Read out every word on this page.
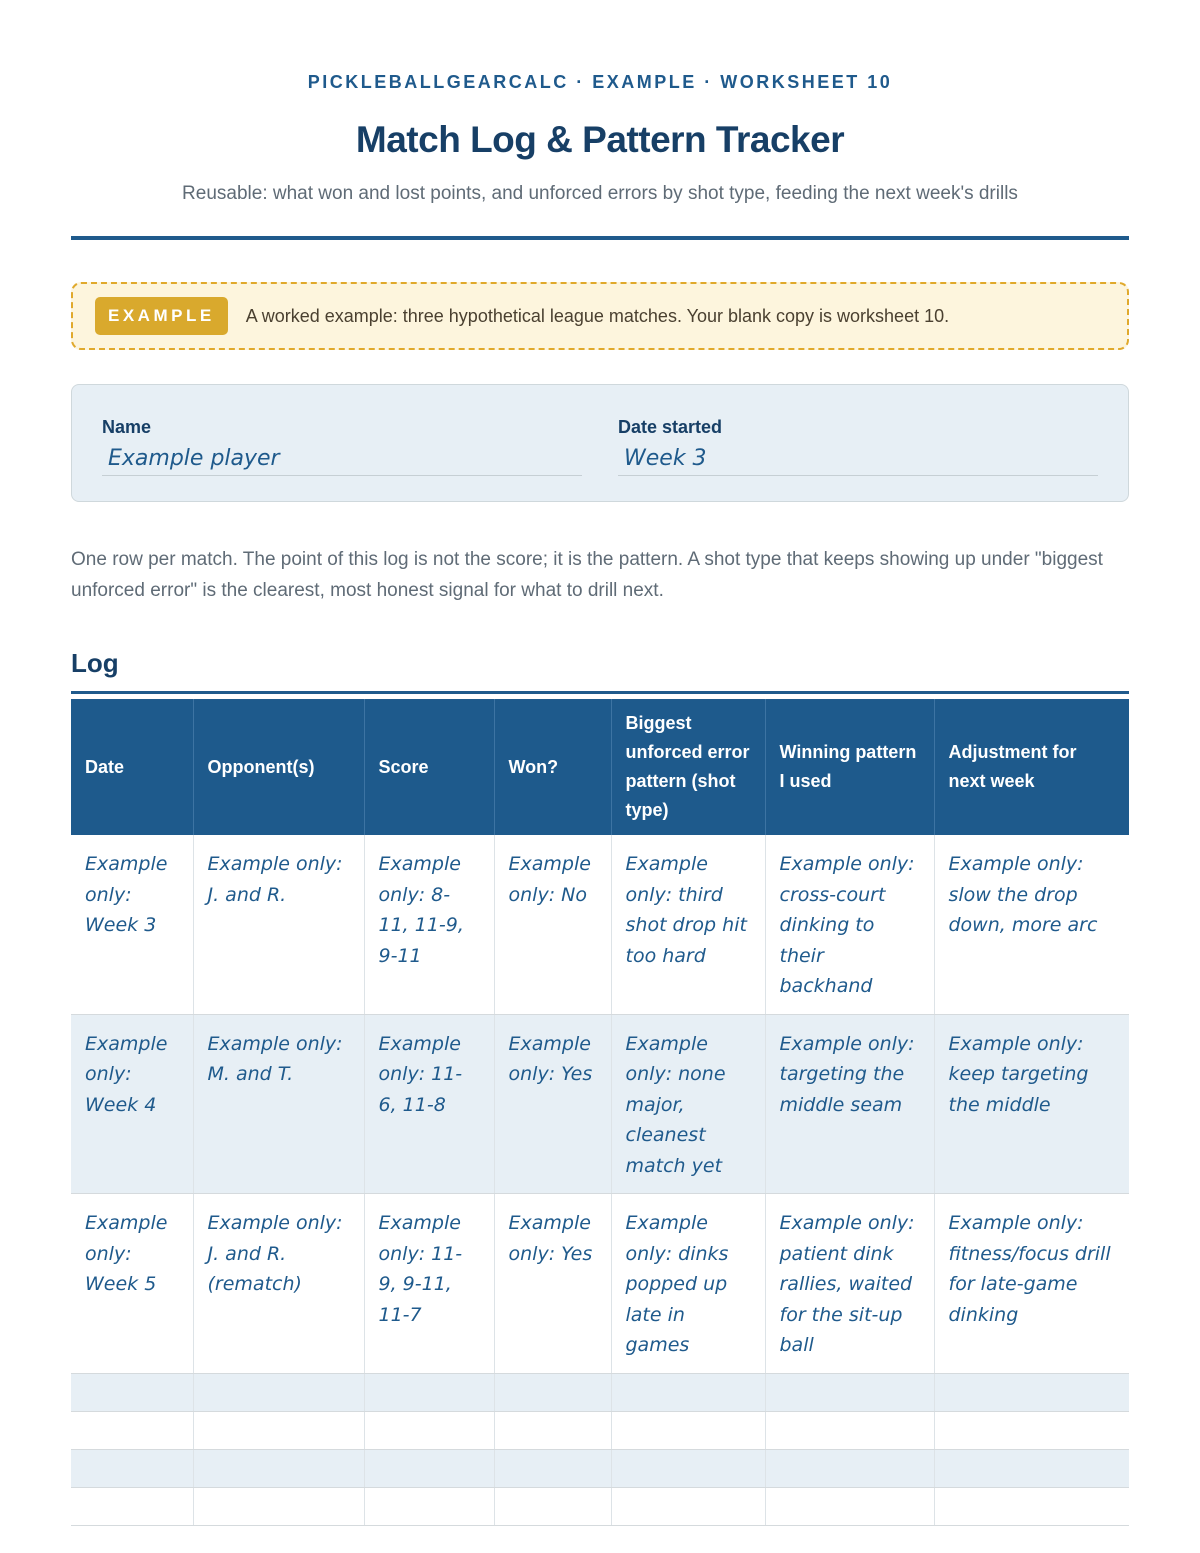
PICKLEBALLGEARCALC · EXAMPLE · WORKSHEET 10

Match Log & Pattern Tracker

Reusable: what won and lost points, and unforced errors by shot type, feeding the next week's drills

EXAMPLE	A worked example: three hypothetical league matches. Your blank copy is worksheet 10.
Name
Example player
Date started
Week 3

One row per match. The point of this log is not the score; it is the pattern. A shot type that keeps showing up under "biggest unforced error" is the clearest, most honest signal for what to drill next.

Log
Date	Opponent(s)	Score	Won?	Biggest unforced error pattern (shot type)	Winning pattern I used	Adjustment for next week
Example only: Week 3	Example only: J. and R.	Example only: 8-11, 11-9, 9-11	Example only: No	Example only: third shot drop hit too hard	Example only: cross-court dinking to their backhand	Example only: slow the drop down, more arc
Example only: Week 4	Example only: M. and T.	Example only: 11-6, 11-8	Example only: Yes	Example only: none major, cleanest match yet	Example only: targeting the middle seam	Example only: keep targeting the middle
Example only: Week 5	Example only: J. and R. (rematch)	Example only: 11-9, 9-11, 11-7	Example only: Yes	Example only: dinks popped up late in games	Example only: patient dink rallies, waited for the sit-up ball	Example only: fitness/focus drill for late-game dinking
